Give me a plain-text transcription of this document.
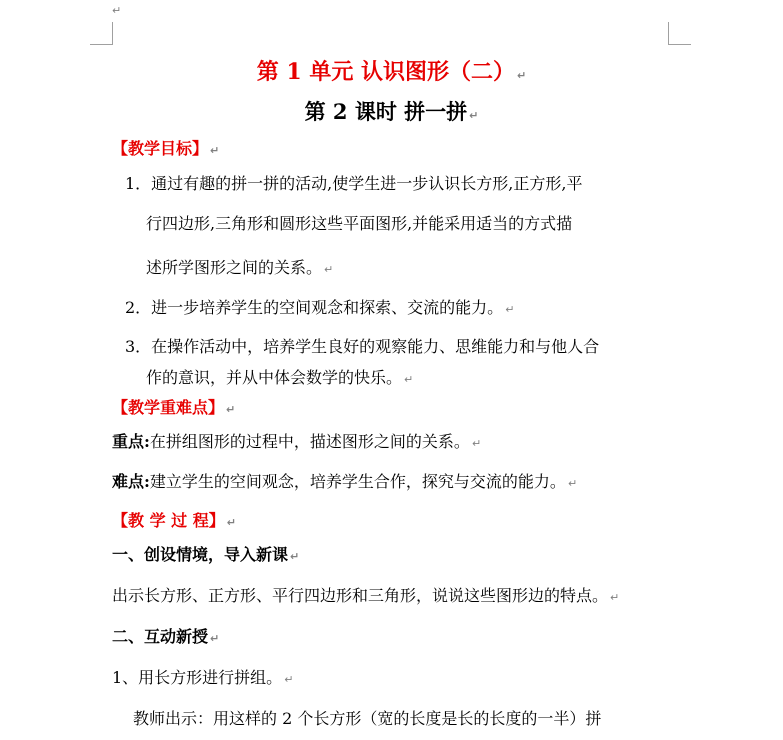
↵
第 1 单元 认识图形（二） ↵
第 2 课时 拼一拼 ↵
【教学目标】 ↵
1．通过有趣的拼一拼的活动,使学生进一步认识长方形,正方形,平
行四边形,三角形和圆形这些平面图形,并能采用适当的方式描
述所学图形之间的关系。 ↵
2．进一步培养学生的空间观念和探索、交流的能力。 ↵
3．在操作活动中，培养学生良好的观察能力、思维能力和与他人合
作的意识，并从中体会数学的快乐。 ↵
【教学重难点】 ↵
重点:在拼组图形的过程中，描述图形之间的关系。 ↵
难点:建立学生的空间观念，培养学生合作，探究与交流的能力。 ↵
【教 学 过 程】 ↵
一、创设情境，导入新课 ↵
出示长方形、正方形、平行四边形和三角形，说说这些图形边的特点。 ↵
二、互动新授 ↵
1、用长方形进行拼组。 ↵
教师出示：用这样的 2 个长方形（宽的长度是长的长度的一半）拼
